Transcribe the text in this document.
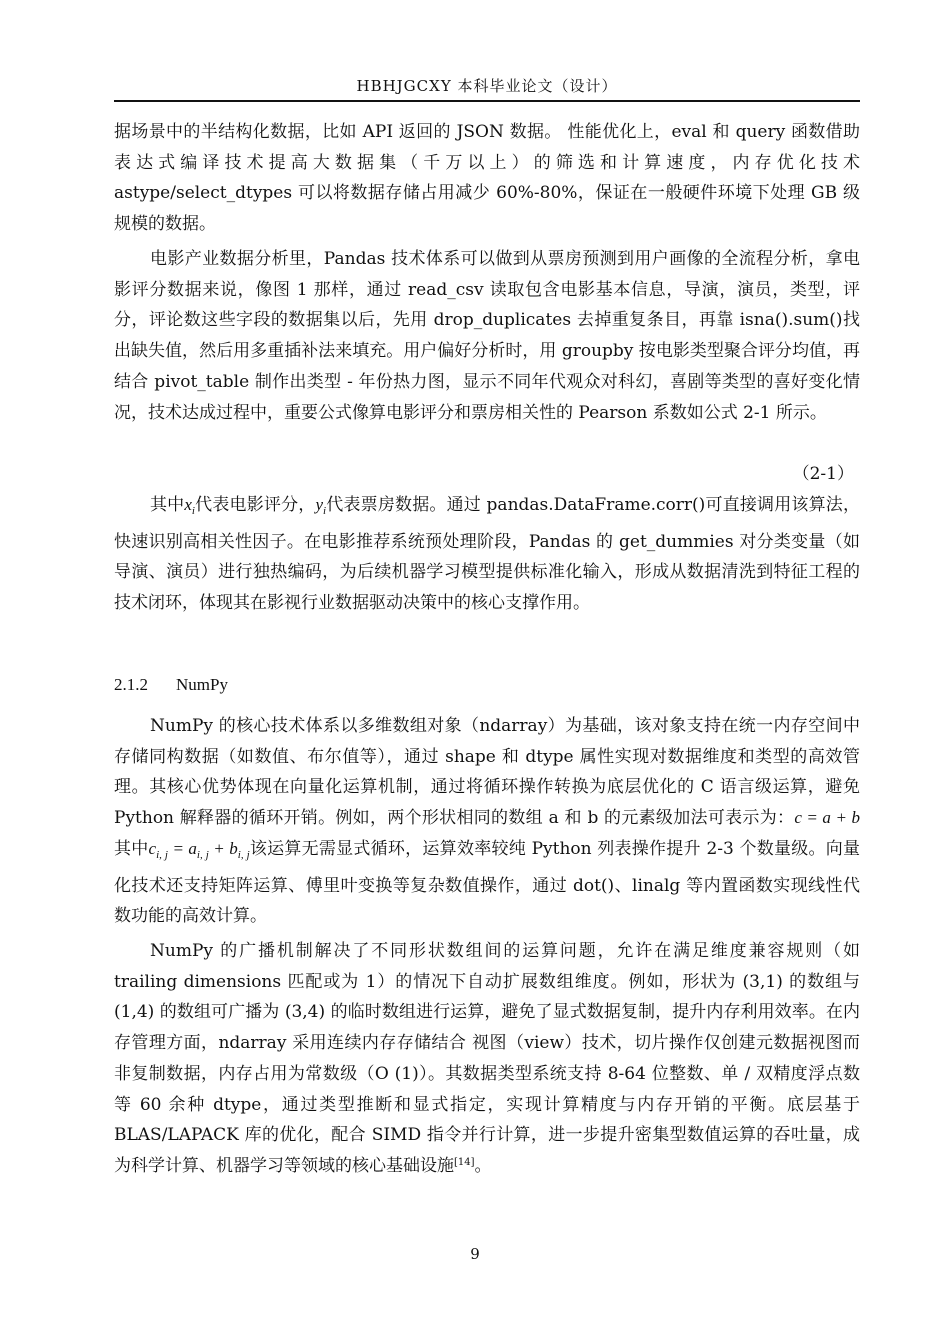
HBHJGCXY 本科毕业论文（设计）

据场景中的半结构化数据，比如 API 返回的 JSON 数据。 性能优化上，eval 和 query 函数借助表达式编译技术提高大数据集（千万以上）的筛选和计算速度，内存优化技术 astype/select_dtypes 可以将数据存储占用减少 60%-80%，保证在一般硬件环境下处理 GB 级规模的数据。

电影产业数据分析里，Pandas 技术体系可以做到从票房预测到用户画像的全流程分析，拿电影评分数据来说，像图 1 那样，通过 read_csv 读取包含电影基本信息，导演，演员，类型，评分，评论数这些字段的数据集以后，先用 drop_duplicates 去掉重复条目，再靠 isna().sum()找出缺失值，然后用多重插补法来填充。用户偏好分析时，用 groupby 按电影类型聚合评分均值，再结合 pivot_table 制作出类型 - 年份热力图，显示不同年代观众对科幻，喜剧等类型的喜好变化情况，技术达成过程中，重要公式像算电影评分和票房相关性的 Pearson 系数如公式 2-1 所示。

（2-1）

其中$x_i$代表电影评分，$y_i$代表票房数据。通过 pandas.DataFrame.corr()可直接调用该算法，快速识别高相关性因子。在电影推荐系统预处理阶段，Pandas 的 get_dummies 对分类变量（如导演、演员）进行独热编码，为后续机器学习模型提供标准化输入，形成从数据清洗到特征工程的技术闭环，体现其在影视行业数据驱动决策中的核心支撑作用。

2.1.2 NumPy

NumPy 的核心技术体系以多维数组对象（ndarray）为基础，该对象支持在统一内存空间中存储同构数据（如数值、布尔值等），通过 shape 和 dtype 属性实现对数据维度和类型的高效管理。其核心优势体现在向量化运算机制，通过将循环操作转换为底层优化的 C 语言级运算，避免 Python 解释器的循环开销。例如，两个形状相同的数组 a 和 b 的元素级加法可表示为：c = a + b其中$c_{i, j} = a_{i, j} + b_{i, j}$该运算无需显式循环，运算效率较纯 Python 列表操作提升 2-3 个数量级。向量化技术还支持矩阵运算、傅里叶变换等复杂数值操作，通过 dot()、linalg 等内置函数实现线性代数功能的高效计算。

NumPy 的广播机制解决了不同形状数组间的运算问题，允许在满足维度兼容规则（如 trailing dimensions 匹配或为 1）的情况下自动扩展数组维度。例如，形状为 (3,1) 的数组与 (1,4) 的数组可广播为 (3,4) 的临时数组进行运算，避免了显式数据复制，提升内存利用效率。在内存管理方面，ndarray 采用连续内存存储结合 视图（view）技术，切片操作仅创建元数据视图而非复制数据，内存占用为常数级（O (1)）。其数据类型系统支持 8-64 位整数、单 / 双精度浮点数等 60 余种 dtype，通过类型推断和显式指定，实现计算精度与内存开销的平衡。底层基于 BLAS/LAPACK 库的优化，配合 SIMD 指令并行计算，进一步提升密集型数值运算的吞吐量，成为科学计算、机器学习等领域的核心基础设施[14]。

9
